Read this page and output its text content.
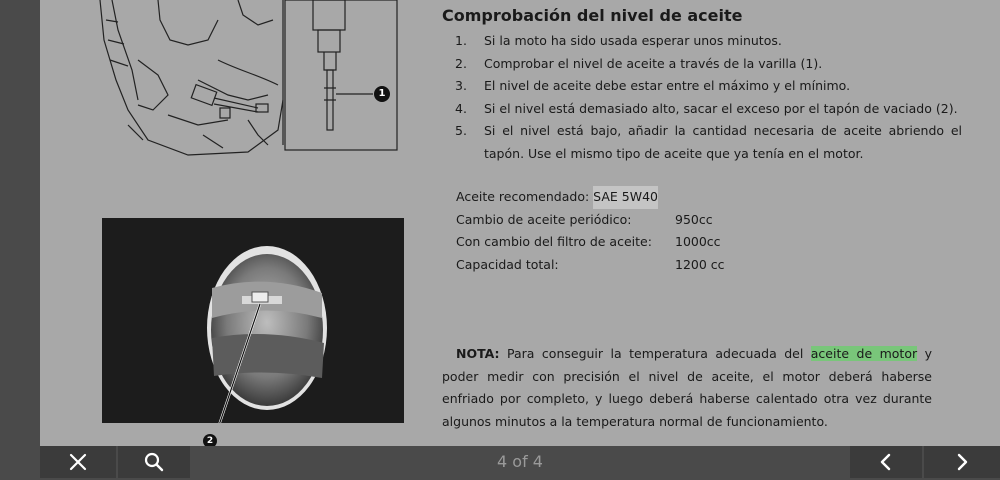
1
2
Comprobación del nivel de aceite
1. Si la moto ha sido usada esperar unos minutos.
2. Comprobar el nivel de aceite a través de la varilla (1).
3. El nivel de aceite debe estar entre el máximo y el mínimo.
4. Si el nivel está demasiado alto, sacar el exceso por el tapón de vaciado (2).
5. Si el nivel está bajo, añadir la cantidad necesaria de aceite abriendo el tapón. Use el mismo tipo de aceite que ya tenía en el motor.
Aceite recomendado:
SAE 5W40
Cambio de aceite periódico:	950cc
Con cambio del filtro de aceite:	1000cc
Capacidad total:	1200 cc
NOTA: Para conseguir la temperatura adecuada del aceite de motor y poder medir con precisión el nivel de aceite, el motor deberá haberse enfriado por completo, y luego deberá haberse calentado otra vez durante algunos minutos a la temperatura normal de funcionamiento.
4 of 4
